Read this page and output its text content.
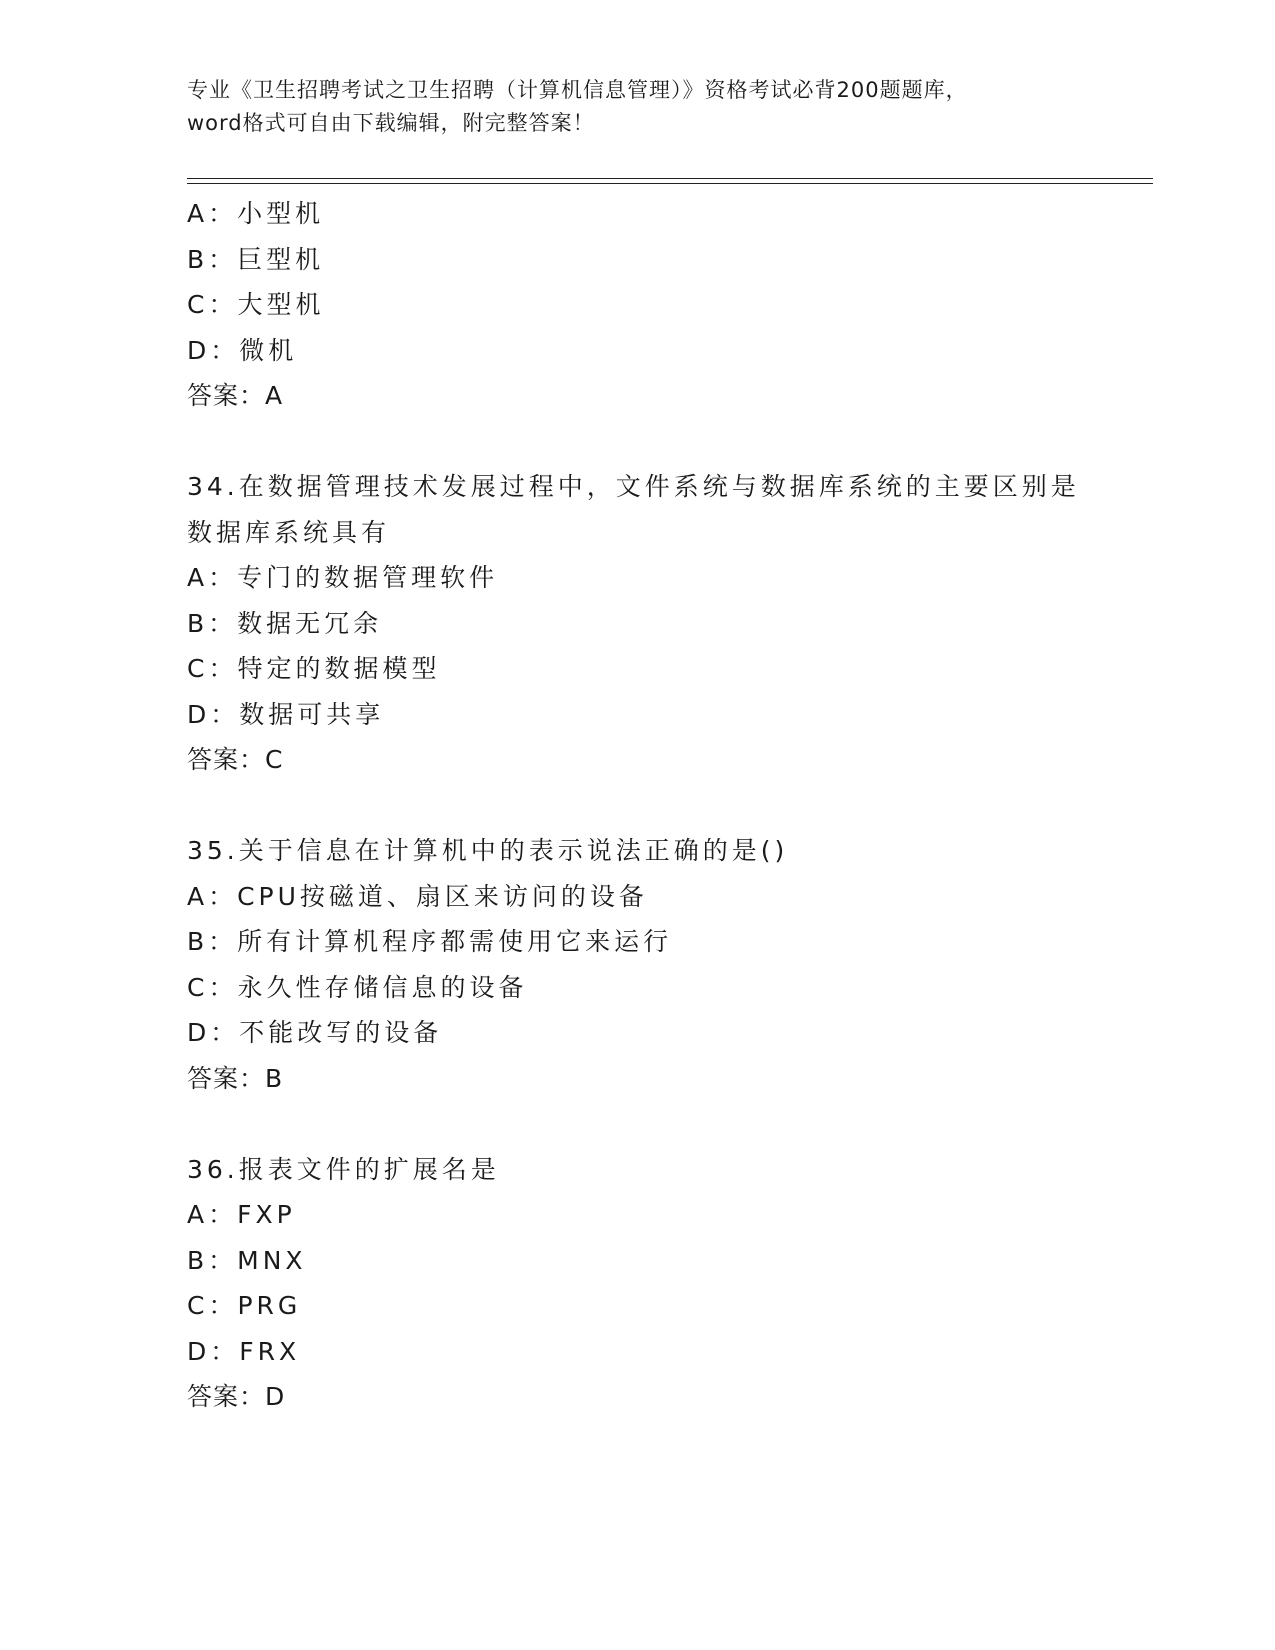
专业《卫生招聘考试之卫生招聘（计算机信息管理）》资格考试必背200题题库，
word格式可自由下载编辑，附完整答案！
A：小型机
B：巨型机
C：大型机
D：微机
答案：A
34.在数据管理技术发展过程中，文件系统与数据库系统的主要区别是
数据库系统具有
A：专门的数据管理软件
B：数据无冗余
C：特定的数据模型
D：数据可共享
答案：C
35.关于信息在计算机中的表示说法正确的是()
A：CPU按磁道、扇区来访问的设备
B：所有计算机程序都需使用它来运行
C：永久性存储信息的设备
D：不能改写的设备
答案：B
36.报表文件的扩展名是
A：FXP
B：MNX
C：PRG
D：FRX
答案：D
